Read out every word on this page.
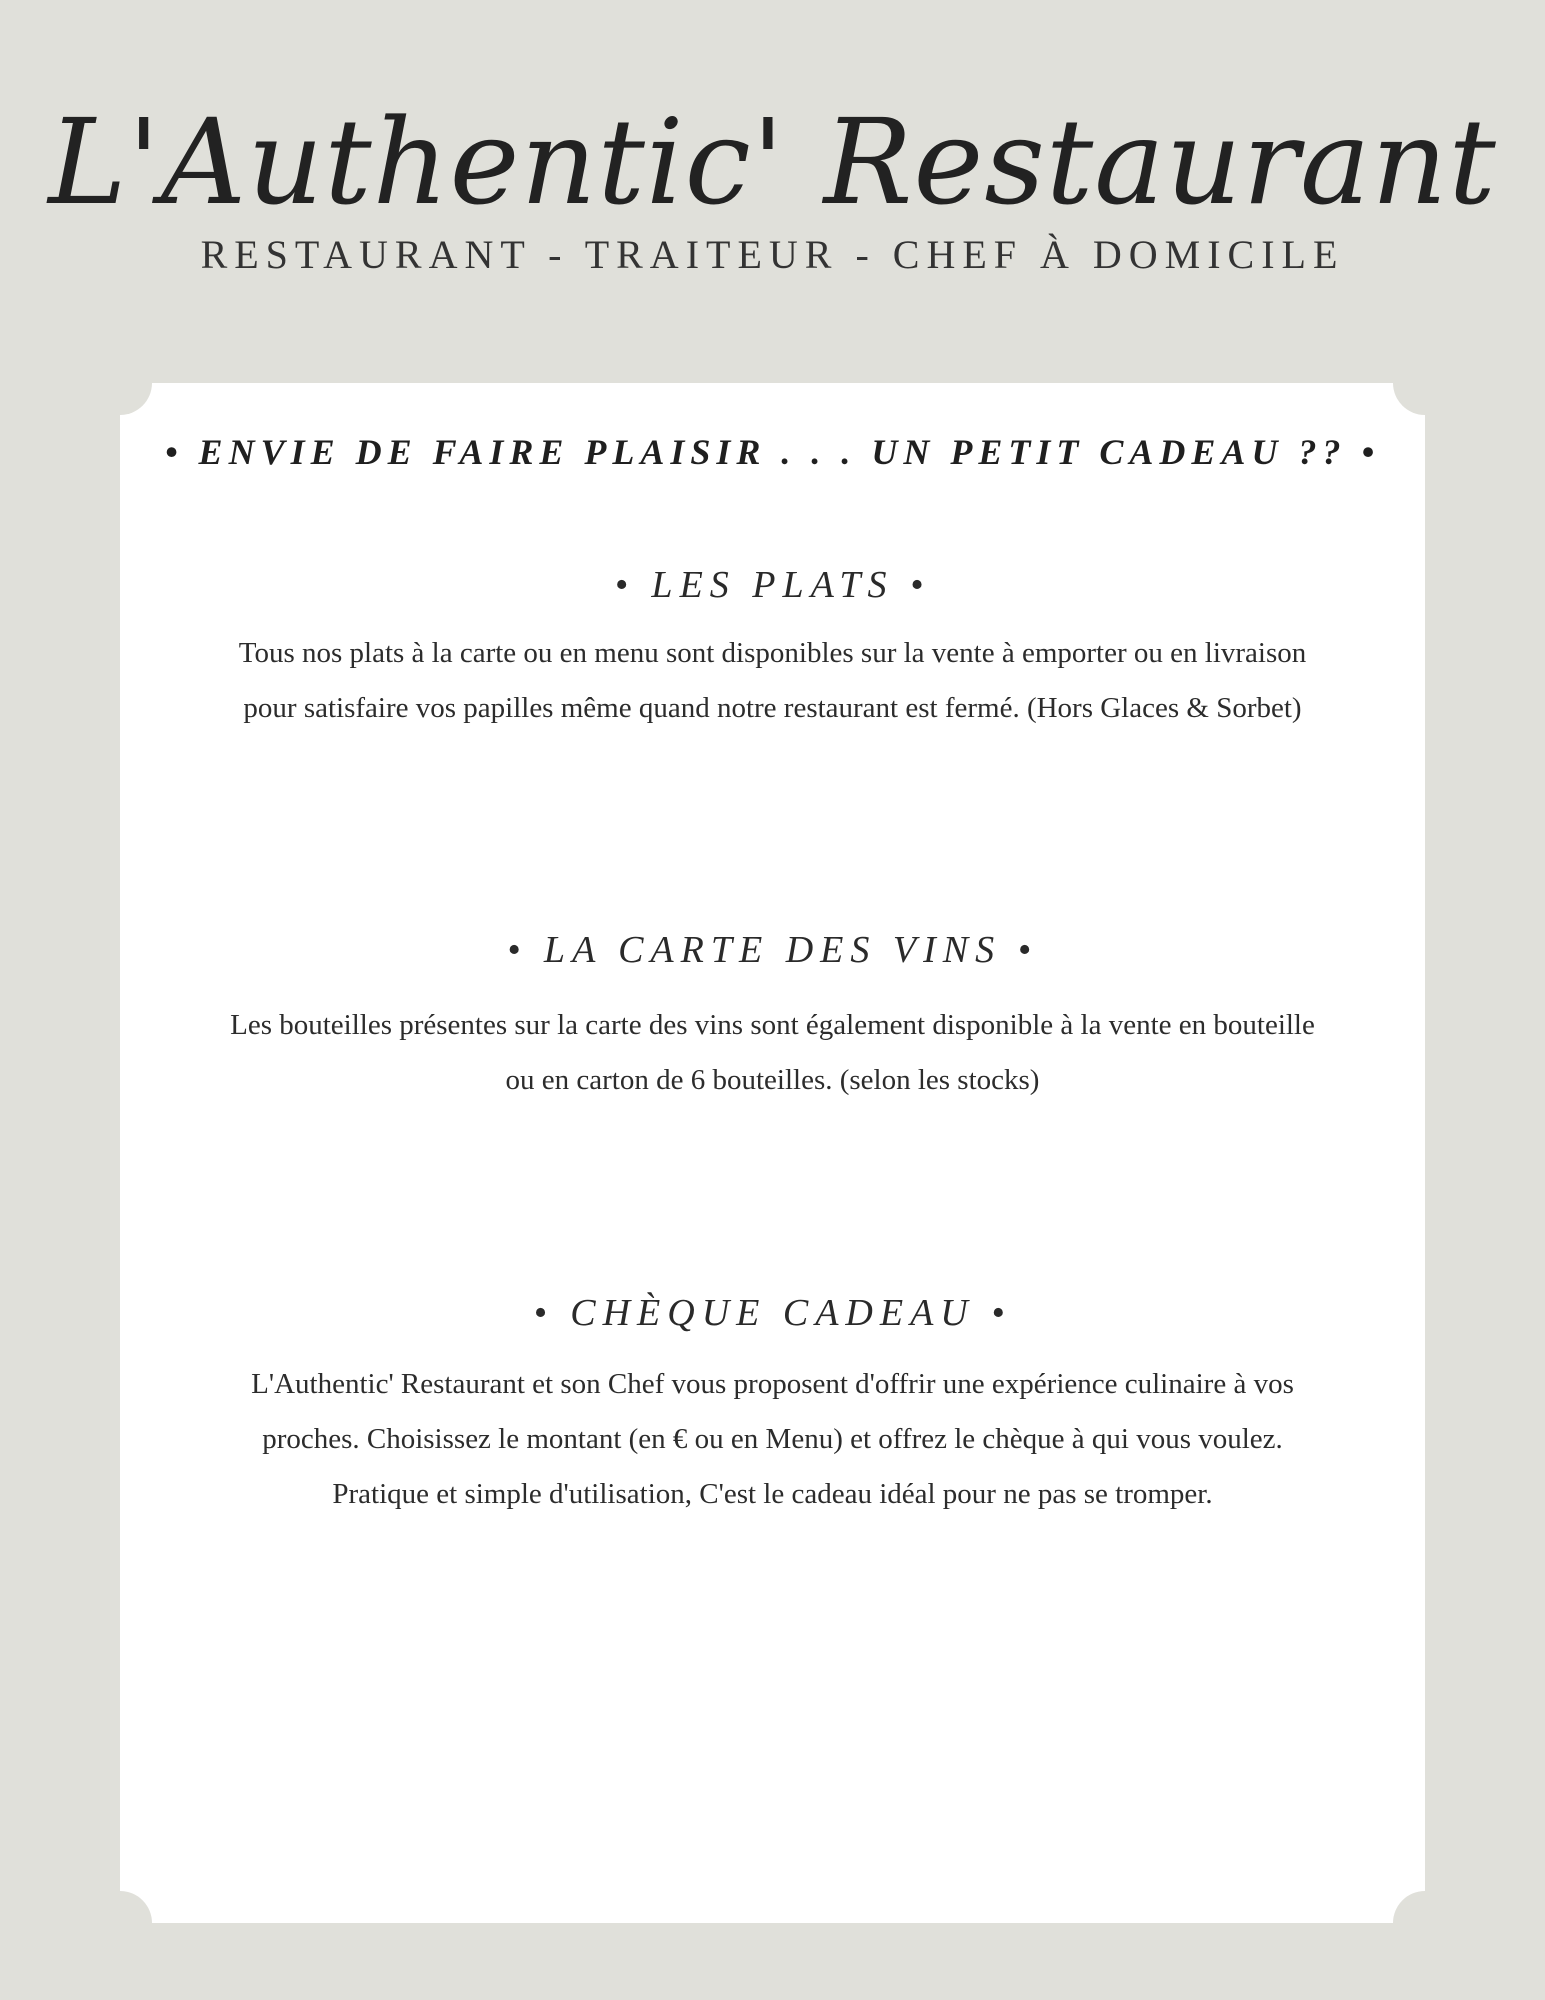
L'Authentic' Restaurant
RESTAURANT - TRAITEUR - CHEF À DOMICILE
• ENVIE DE FAIRE PLAISIR . . . UN PETIT CADEAU ?? •
• LES PLATS •
Tous nos plats à la carte ou en menu sont disponibles sur la vente à emporter ou en livraison
pour satisfaire vos papilles même quand notre restaurant est fermé. (Hors Glaces & Sorbet)
• LA CARTE DES VINS •
Les bouteilles présentes sur la carte des vins sont également disponible à la vente en bouteille
ou en carton de 6 bouteilles. (selon les stocks)
• CHÈQUE CADEAU •
L'Authentic' Restaurant et son Chef vous proposent d'offrir une expérience culinaire à vos
proches. Choisissez le montant (en € ou en Menu) et offrez le chèque à qui vous voulez.
Pratique et simple d'utilisation, C'est le cadeau idéal pour ne pas se tromper.
